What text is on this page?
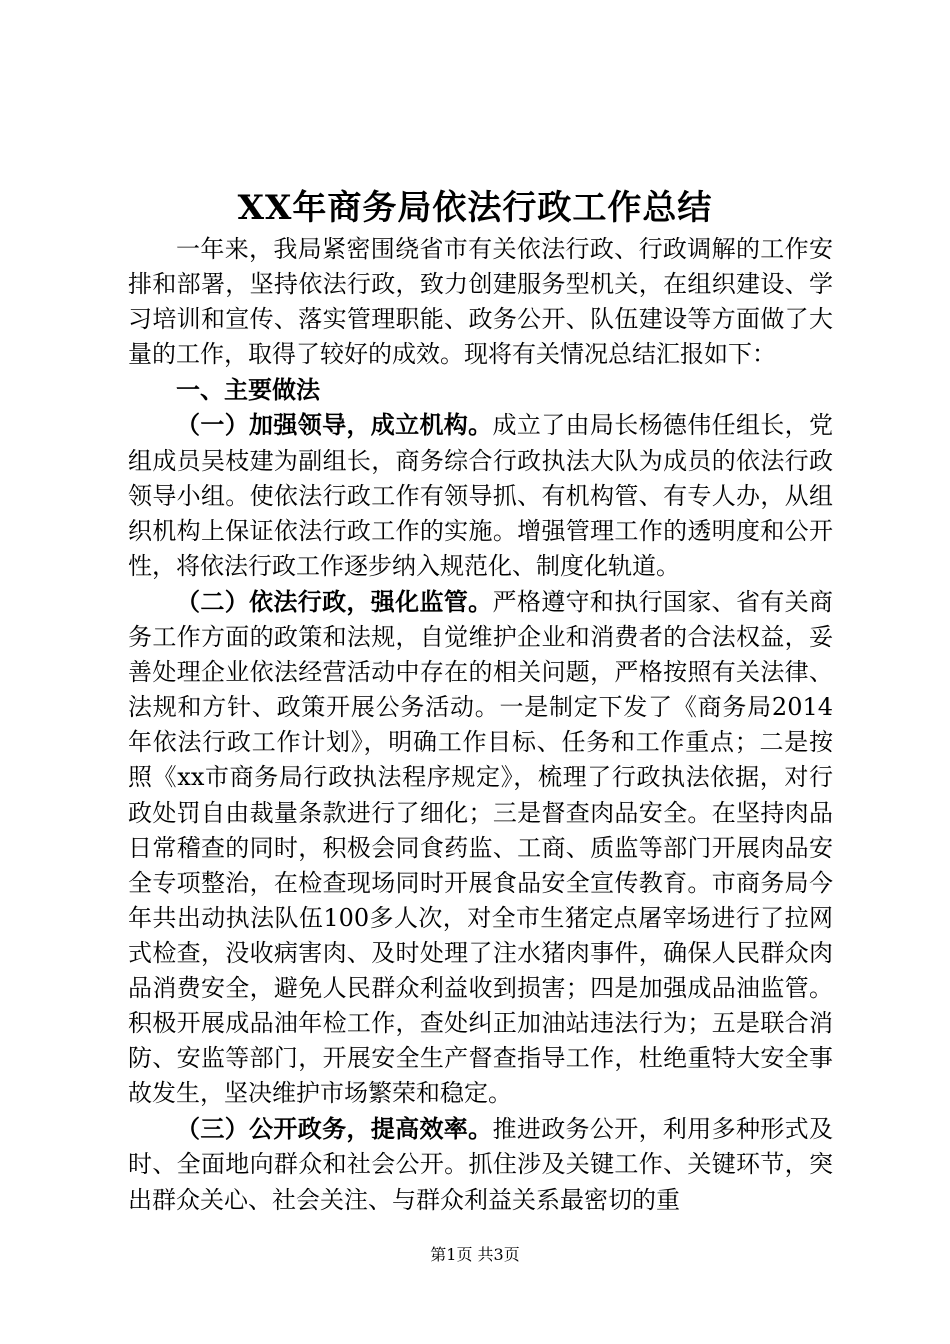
XX年商务局依法行政工作总结

一年来，我局紧密围绕省市有关依法行政、行政调解的工作安排和部署，坚持依法行政，致力创建服务型机关，在组织建设、学习培训和宣传、落实管理职能、政务公开、队伍建设等方面做了大量的工作，取得了较好的成效。现将有关情况总结汇报如下：

一、主要做法

（一）加强领导，成立机构。成立了由局长杨德伟任组长，党组成员吴枝建为副组长，商务综合行政执法大队为成员的依法行政领导小组。使依法行政工作有领导抓、有机构管、有专人办，从组织机构上保证依法行政工作的实施。增强管理工作的透明度和公开性，将依法行政工作逐步纳入规范化、制度化轨道。

（二）依法行政，强化监管。严格遵守和执行国家、省有关商务工作方面的政策和法规，自觉维护企业和消费者的合法权益，妥善处理企业依法经营活动中存在的相关问题，严格按照有关法律、法规和方针、政策开展公务活动。一是制定下发了《商务局2014年依法行政工作计划》，明确工作目标、任务和工作重点；二是按照《xx市商务局行政执法程序规定》，梳理了行政执法依据，对行政处罚自由裁量条款进行了细化；三是督查肉品安全。在坚持肉品日常稽查的同时，积极会同食药监、工商、质监等部门开展肉品安全专项整治，在检查现场同时开展食品安全宣传教育。市商务局今年共出动执法队伍100多人次，对全市生猪定点屠宰场进行了拉网式检查，没收病害肉、及时处理了注水猪肉事件，确保人民群众肉品消费安全，避免人民群众利益收到损害；四是加强成品油监管。积极开展成品油年检工作，查处纠正加油站违法行为；五是联合消防、安监等部门，开展安全生产督查指导工作，杜绝重特大安全事故发生，坚决维护市场繁荣和稳定。

（三）公开政务，提高效率。推进政务公开，利用多种形式及时、全面地向群众和社会公开。抓住涉及关键工作、关键环节，突出群众关心、社会关注、与群众利益关系最密切的重

第1页 共3页
